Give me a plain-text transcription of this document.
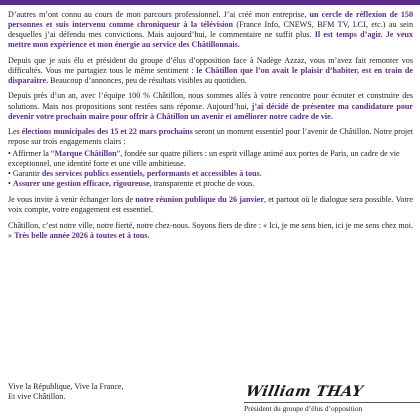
D’autres m’ont connu au cours de mon parcours professionnel. J’ai créé mon entreprise, un cercle de réflexion de 150 personnes et suis intervenu comme chroniqueur à la télévision (France Info, CNEWS, BFM TV, LCI, etc.) au sein desquelles j’ai défendu mes convictions. Mais aujourd’hui, le commentaire ne suffit plus. Il est temps d’agir. Je veux mettre mon expérience et mon énergie au service des Châtillonnais.

Depuis que je suis élu et président du groupe d’élus d’opposition face à Nadège Azzaz, vous m’avez fait remonter vos difficultés. Vous me partagiez tous le même sentiment : le Châtillon que l’on avait le plaisir d’habiter, est en train de disparaître. Beaucoup d’annonces, peu de résultats visibles au quotidien.

Depuis près d’un an, avec l’équipe 100 % Châtillon, nous sommes allés à votre rencontre pour écouter et construire des solutions. Mais nos propositions sont restées sans réponse. Aujourd’hui, j’ai décidé de présenter ma candidature pour devenir votre prochain maire pour offrir à Châtillon un avenir et améliorer notre cadre de vie.

Les élections municipales des 15 et 22 mars prochains seront un moment essentiel pour l’avenir de Châtillon. Notre projet repose sur trois engagements clairs :

• Affirmer la “Marque Châtillon”, fondée sur quatre piliers : un esprit village animé aux portes de Paris, un cadre de vie exceptionnel, une identité forte et une ville ambitieuse.
• Garantir des services publics essentiels, performants et accessibles à tous.
• Assurer une gestion efficace, rigoureuse, transparente et proche de vous.

Je vous invite à venir échanger lors de notre réunion publique du 26 janvier, et partout où le dialogue sera possible. Votre voix compte, votre engagement est essentiel.

Châtillon, c’est notre ville, notre fierté, notre chez-nous. Soyons fiers de dire : « Ici, je me sens bien, ici je me sens chez moi. » Très belle année 2026 à toutes et à tous.

Vive la République, Vive la France,
Et vive Châtillon.	William THAY
Président du groupe d’élus d’opposition
